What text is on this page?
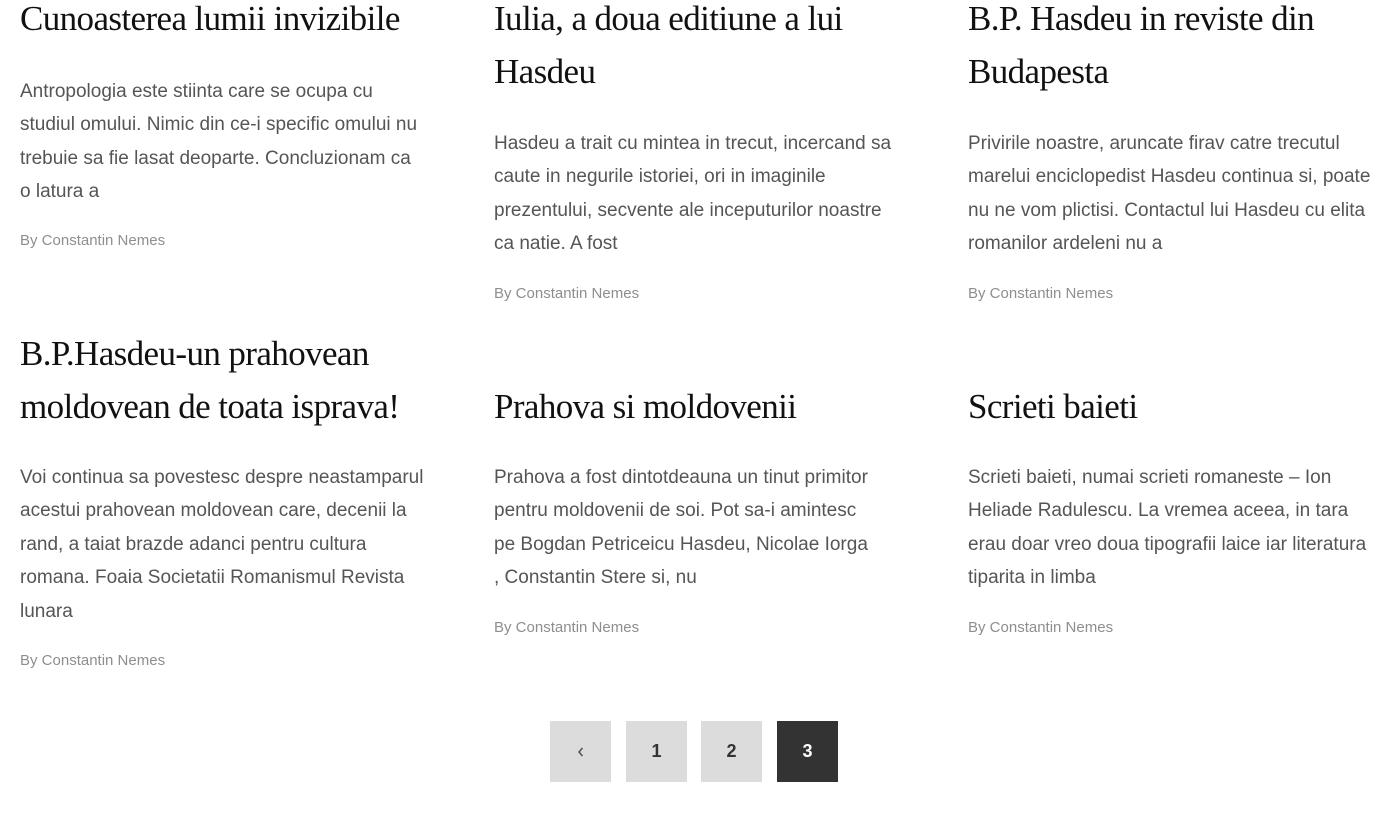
Cunoasterea lumii invizibile

Antropologia este stiinta care se ocupa cu studiul omului. Nimic din ce-i specific omului nu trebuie sa fie lasat deoparte. Concluzionam ca o latura a

By Constantin Nemes

Iulia, a doua editiune a lui Hasdeu

Hasdeu a trait cu mintea in trecut, incercand sa caute in negurile istoriei, ori in imaginile prezentului, secvente ale inceputurilor noastre ca natie. A fost

By Constantin Nemes

B.P. Hasdeu in reviste din Budapesta

Privirile noastre, aruncate firav catre trecutul marelui enciclopedist Hasdeu continua si, poate nu ne vom plictisi. Contactul lui Hasdeu cu elita romanilor ardeleni nu a

By Constantin Nemes

B.P.Hasdeu-un prahovean moldovean de toata isprava!

Voi continua sa povestesc despre neastamparul acestui prahovean moldovean care, decenii la rand, a taiat brazde adanci pentru cultura romana. Foaia Societatii Romanismul Revista lunara

By Constantin Nemes

Prahova si moldovenii

Prahova a fost dintotdeauna un tinut primitor pentru moldovenii de soi. Pot sa-i amintesc pe Bogdan Petriceicu Hasdeu, Nicolae Iorga , Constantin Stere si, nu

By Constantin Nemes

Scrieti baieti

Scrieti baieti, numai scrieti romaneste – Ion Heliade Radulescu. La vremea aceea, in tara erau doar vreo doua tipografii laice iar literatura tiparita in limba

By Constantin Nemes

1	2	3
